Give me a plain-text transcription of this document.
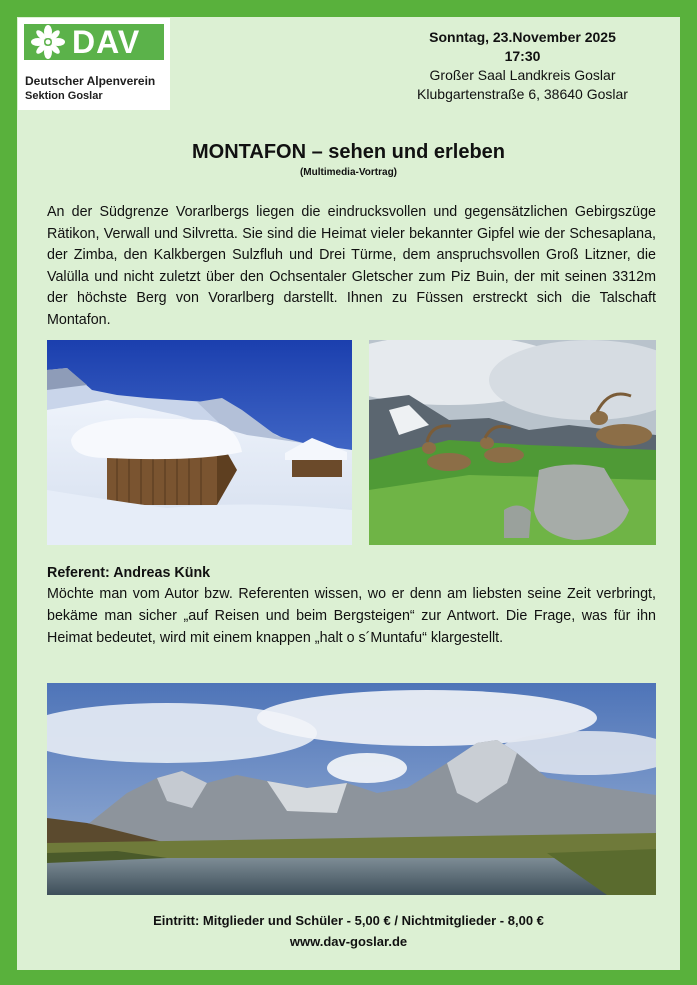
DAV
Deutscher Alpenverein
Sektion Goslar
Sonntag, 23.November 2025
17:30
Großer Saal Landkreis Goslar
Klubgartenstraße 6, 38640 Goslar
MONTAFON – sehen und erleben
(Multimedia-Vortrag)

An der Südgrenze Vorarlbergs liegen die eindrucksvollen und gegensätzlichen Gebirgszüge Rätikon, Verwall und Silvretta. Sie sind die Heimat vieler bekannter Gipfel wie der Schesaplana, der Zimba, den Kalkbergen Sulzfluh und Drei Türme, dem anspruchsvollen Groß Litzner, die Valülla und nicht zuletzt über den Ochsentaler Gletscher zum Piz Buin, der mit seinen 3312m der höchste Berg von Vorarlberg darstellt. Ihnen zu Füssen erstreckt sich die Talschaft Montafon.

Referent: Andreas Künk

Möchte man vom Autor bzw. Referenten wissen, wo er denn am liebsten seine Zeit verbringt, bekäme man sicher „auf Reisen und beim Bergsteigen“ zur Antwort. Die Frage, was für ihn Heimat bedeutet, wird mit einem knappen „halt o s´Muntafu“ klargestellt.

Eintritt: Mitglieder und Schüler - 5,00 € / Nichtmitglieder - 8,00 €
www.dav-goslar.de
